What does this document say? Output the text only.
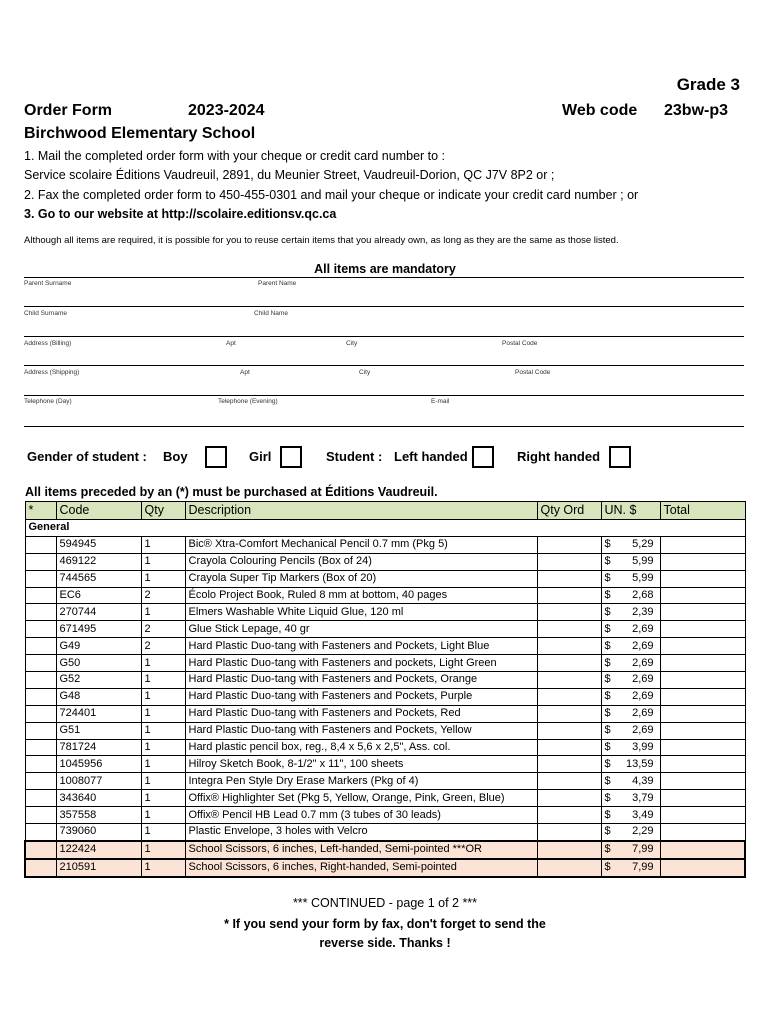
Grade 3
Order Form	2023-2024	Web code 23bw-p3
Birchwood Elementary School
1. Mail the completed order form with your cheque or credit card number to :
Service scolaire Éditions Vaudreuil, 2891, du Meunier Street, Vaudreuil-Dorion, QC J7V 8P2 or ;
2. Fax the completed order form to 450-455-0301 and mail your cheque or indicate your credit card number ; or
3. Go to our website at http://scolaire.editionsv.qc.ca
Although all items are required, it is possible for you to reuse certain items that you already own, as long as they are the same as those listed.
All items are mandatory
Parent Surname	Parent Name
Child Surname	Child Name
Address (Billing)	Apt	City	Postal Code
Address (Shipping)	Apt	City	Postal Code
Telephone (Day)	Telephone (Evening)	E-mail
Gender of student : Boy	Girl	Student : Left handed	Right handed
All items preceded by an (*) must be purchased at Éditions Vaudreuil.
*	Code	Qty	Description	Qty Ord	UN. $	Total
General						
	594945	1	Bic® Xtra-Comfort Mechanical Pencil 0.7 mm (Pkg 5)		$ 5,29	

	469122	1	Crayola Colouring Pencils (Box of 24)		$ 5,99	

	744565	1	Crayola Super Tip Markers (Box of 20)		$ 5,99	

	EC6	2	Écolo Project Book, Ruled 8 mm at bottom, 40 pages		$ 2,68	

	270744	1	Elmers Washable White Liquid Glue, 120 ml		$ 2,39	

	671495	2	Glue Stick Lepage, 40 gr		$ 2,69	

	G49	2	Hard Plastic Duo-tang with Fasteners and Pockets, Light Blue		$ 2,69	

	G50	1	Hard Plastic Duo-tang with Fasteners and pockets, Light Green		$ 2,69	

	G52	1	Hard Plastic Duo-tang with Fasteners and Pockets, Orange		$ 2,69	

	G48	1	Hard Plastic Duo-tang with Fasteners and Pockets, Purple		$ 2,69	

	724401	1	Hard Plastic Duo-tang with Fasteners and Pockets, Red		$ 2,69	

	G51	1	Hard Plastic Duo-tang with Fasteners and Pockets, Yellow		$ 2,69	

	781724	1	Hard plastic pencil box, reg., 8,4 x 5,6 x 2,5", Ass. col.		$ 3,99	

	1045956	1	Hilroy Sketch Book, 8-1/2" x 11", 100 sheets		$ 13,59	

	1008077	1	Integra Pen Style Dry Erase Markers (Pkg of 4)		$ 4,39	

	343640	1	Offix® Highlighter Set (Pkg 5, Yellow, Orange, Pink, Green, Blue)		$ 3,79	

	357558	1	Offix® Pencil HB Lead 0.7 mm (3 tubes of 30 leads)		$ 3,49	

	739060	1	Plastic Envelope, 3 holes with Velcro		$ 2,29	

	122424	1	School Scissors, 6 inches, Left-handed, Semi-pointed ***OR		$ 7,99	

	210591	1	School Scissors, 6 inches, Right-handed, Semi-pointed		$ 7,99	

*** CONTINUED - page 1 of 2 ***
* If you send your form by fax, don't forget to send the
reverse side. Thanks !
